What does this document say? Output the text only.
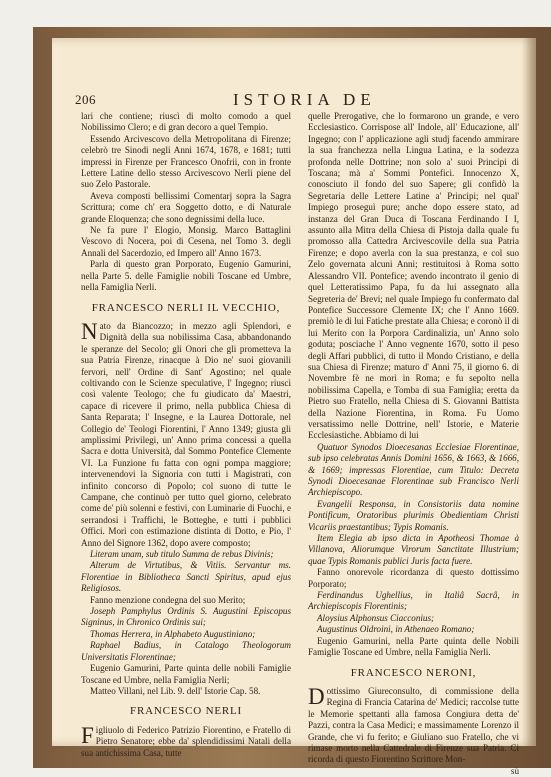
206	ISTORIA DE

lari che contiene; riuscì di molto comodo a quel Nobilissimo Clero; e di gran decoro a quel Tempio.

Essendo Arcivescovo della Metropolitana di Firenze; celebrò tre Sinodi negli Anni 1674, 1678, e 1681; tutti impressi in Firenze per Francesco Onofrii, con in fronte Lettere Latine dello stesso Arcivescovo Nerli piene del suo Zelo Pastorale.

Aveva composti bellissimi Comentarj sopra la Sagra Scrittura; come ch' era Soggetto dotto, e di Naturale grande Eloquenza; che sono degnissimi della luce.

Ne fa pure l' Elogio, Monsig. Marco Battaglini Vescovo di Nocera, poi di Cesena, nel Tomo 3. degli Annali del Sacerdozio, ed Impero all' Anno 1673.

Parla di questo gran Porporato, Eugenio Gamurini, nella Parte 5. delle Famiglie nobili Toscane ed Umbre, nella Famiglia Nerli.

FRANCESCO NERLI IL VECCHIO,

Nato da Biancozzo; in mezzo agli Splendori, e Dignità della sua nobilissima Casa, abbandonando le speranze del Secolo; gli Onori che gli prometteva la sua Patria Firenze, rinacque à Dio ne' suoi giovanili fervori, nell' Ordine di Sant' Agostino; nel quale coltivando con le Scienze speculative, l' Ingegno; riuscì così valente Teologo; che fu giudicato da' Maestri, capace di ricevere il primo, nella pubblica Chiesa di Santa Reparata; l' Insegne, e la Laurea Dottorale, nel Collegio de' Teologi Fiorentini, l' Anno 1349; giusta gli amplissimi Privilegi, un' Anno prima concessi a quella Sacra e dotta Università, dal Sommo Pontefice Clemente VI. La Funzione fu fatta con ogni pompa maggiore; intervenendovi la Signoria con tutti i Magistrati, con infinito concorso di Popolo; col suono di tutte le Campane, che continuò per tutto quel giorno, celebrato come de' più solenni e festivi, con Luminarie di Fuochi, e serrandosi i Traffichi, le Botteghe, e tutti i pubblici Offici. Morì con estimazione distinta di Dotto, e Pio, l' Anno del Signore 1362, dopo avere composto;

Literam unam, sub titulo Summa de rebus Divinis;

Alterum de Virtutibus, & Vitiis. Servantur ms. Florentiae in Bibliotheca Sancti Spiritus, apud ejus Religiosos.

Fanno menzione condegna del suo Merito;

Joseph Pamphylus Ordinis S. Augustini Episcopus Signinus, in Chronico Ordinis sui;

Thomas Herrera, in Alphabeto Augustiniano;

Raphael Badius, in Catalogo Theologorum Universitatis Florentinae;

Eugenio Gamurini, Parte quinta delle nobili Famiglie Toscane ed Umbre, nella Famiglia Nerli;

Matteo Villani, nel Lib. 9. dell' Istorie Cap. 58.

FRANCESCO NERLI

Figliuolo di Federico Patrizio Fiorentino, e Fratello di Pietro Senatore; ebbe da' splendidissimi Natali della sua antichissima Casa, tutte

quelle Prerogative, che lo formarono un grande, e vero Ecclesiastico. Corrispose all' Indole, all' Educazione, all' Ingegno; con l' applicazione agli studj facendo ammirare la sua franchezza nella Lingua Latina, e la sodezza profonda nelle Dottrine; non solo a' suoi Principi di Toscana; mà a' Sommi Pontefici. Innocenzo X, conosciuto il fondo del suo Sapere; gli confidò la Segretaria delle Lettere Latine a' Principi; nel qual' Impiego proseguì pure; anche dopo essere stato, ad instanza del Gran Duca di Toscana Ferdinando I I, assunto alla Mitra della Chiesa di Pistoja dalla quale fu promosso alla Cattedra Arcivescovile della sua Patria Firenze; e dopo averla con la sua prestanza, e col suo Zelo governata alcuni Anni; restituitosi à Roma sotto Alessandro VII. Pontefice; avendo incontrato il genio di quel Letteratissimo Papa, fu da lui assegnato alla Segreteria de' Brevi; nel quale Impiego fu confermato dal Pontefice Successore Clemente IX; che l' Anno 1669. premiò le di lui Fatiche prestate alla Chiesa; e coronò il di lui Merito con la Porpora Cardinalizia, un' Anno solo goduta; posciache l' Anno vegnente 1670, sotto il peso degli Affari pubblici, di tutto il Mondo Cristiano, e della sua Chiesa di Firenze; maturo d' Anni 75, il giorno 6. di Novembre fè ne morì in Roma; e fu sepolto nella nobilissima Capella, e Tomba di sua Famiglia; eretta da Pietro suo Fratello, nella Chiesa di S. Giovanni Battista della Nazione Fiorentina, in Roma. Fu Uomo versatissimo nelle Dottrine, nell' Istorie, e Materie Ecclesiastiche. Abbiamo di lui

Quatuor Synodos Dioecesanas Ecclesiae Florentinae, sub ipso celebratas Annis Domini 1656, & 1663, & 1666, & 1669; impressas Florentiae, cum Titulo: Decreta Synodi Dioecesanae Florentinae sub Francisco Nerli Archiepiscopo.

Evangelii Responsa, in Consistoriis data nomine Pontificum, Oratoribus plurimis Obedientiam Christi Vicariis praestantibus; Typis Romanis.

Item Elegia ab ipso dicta in Apotheosi Thomae à Villanova, Aliorumque Virorum Sanctitate Illustrium; quae Typis Romanis publici Juris facta fuere.

Fanno onorevole ricordanza di questo dottissimo Porporato;

Ferdinandus Ughellius, in Italiâ Sacrâ, in Archiepiscopis Florentinis;

Aloysius Alphonsus Ciacconius;

Augustinus Oldroini, in Athenaeo Romano;

Eugenio Gamurini, nella Parte quinta delle Nobili Famiglie Toscane ed Umbre, nella Famiglia Nerli.

FRANCESCO NERONI,

Dottissimo Giureconsulto, di commissione della Regina di Francia Catarina de' Medici; raccolse tutte le Memorie spettanti alla famosa Congiura detta de' Pazzi, contra la Casa Medici; e massimamente Lorenzo il Grande, che vi fu ferito; e Giuliano suo Fratello, che vi rimase morto nella Cattedrale di Firenze sua Patria. Ci ricorda di questo Fiorentino Scrittore Mon-

sù
